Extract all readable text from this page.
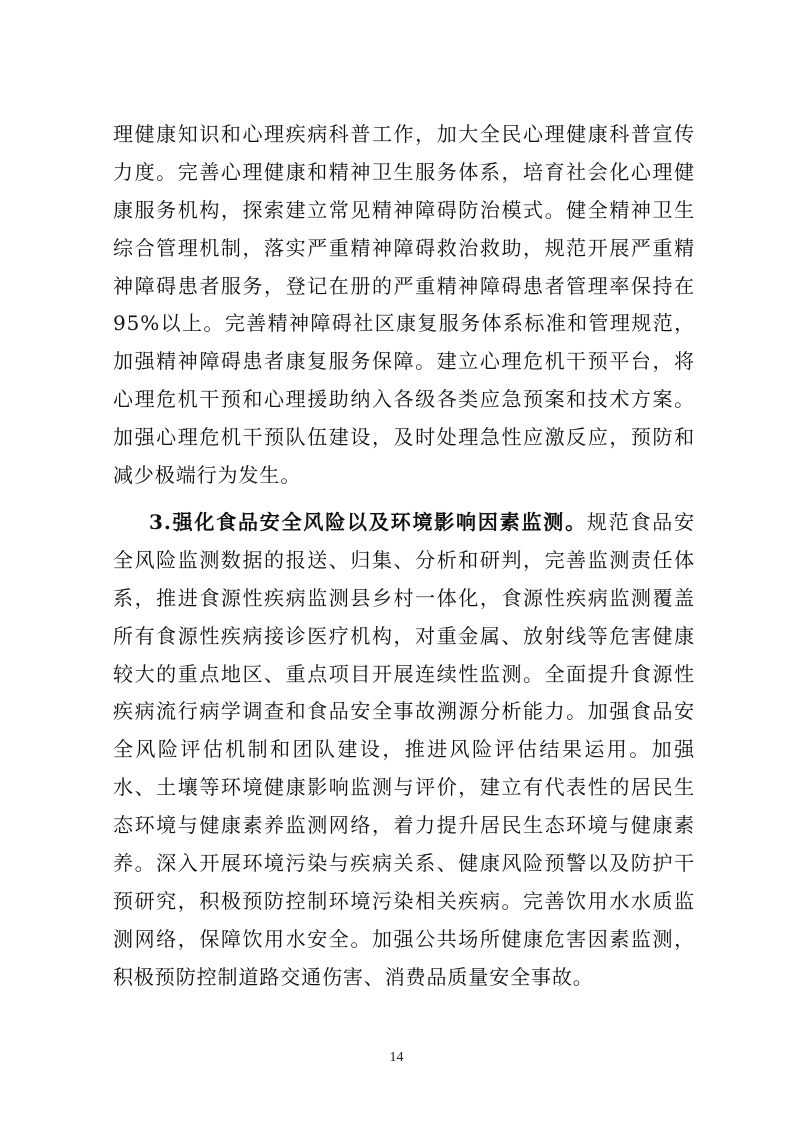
理健康知识和心理疾病科普工作，加大全民心理健康科普宣传
力度。完善心理健康和精神卫生服务体系，培育社会化心理健
康服务机构，探索建立常见精神障碍防治模式。健全精神卫生
综合管理机制，落实严重精神障碍救治救助，规范开展严重精
神障碍患者服务，登记在册的严重精神障碍患者管理率保持在
95%以上。完善精神障碍社区康复服务体系标准和管理规范，
加强精神障碍患者康复服务保障。建立心理危机干预平台，将
心理危机干预和心理援助纳入各级各类应急预案和技术方案。
加强心理危机干预队伍建设，及时处理急性应激反应，预防和
减少极端行为发生。
3.强化食品安全风险以及环境影响因素监测。规范食品安
全风险监测数据的报送、归集、分析和研判，完善监测责任体
系，推进食源性疾病监测县乡村一体化，食源性疾病监测覆盖
所有食源性疾病接诊医疗机构，对重金属、放射线等危害健康
较大的重点地区、重点项目开展连续性监测。全面提升食源性
疾病流行病学调查和食品安全事故溯源分析能力。加强食品安
全风险评估机制和团队建设，推进风险评估结果运用。加强
水、土壤等环境健康影响监测与评价，建立有代表性的居民生
态环境与健康素养监测网络，着力提升居民生态环境与健康素
养。深入开展环境污染与疾病关系、健康风险预警以及防护干
预研究，积极预防控制环境污染相关疾病。完善饮用水水质监
测网络，保障饮用水安全。加强公共场所健康危害因素监测，
积极预防控制道路交通伤害、消费品质量安全事故。
14
